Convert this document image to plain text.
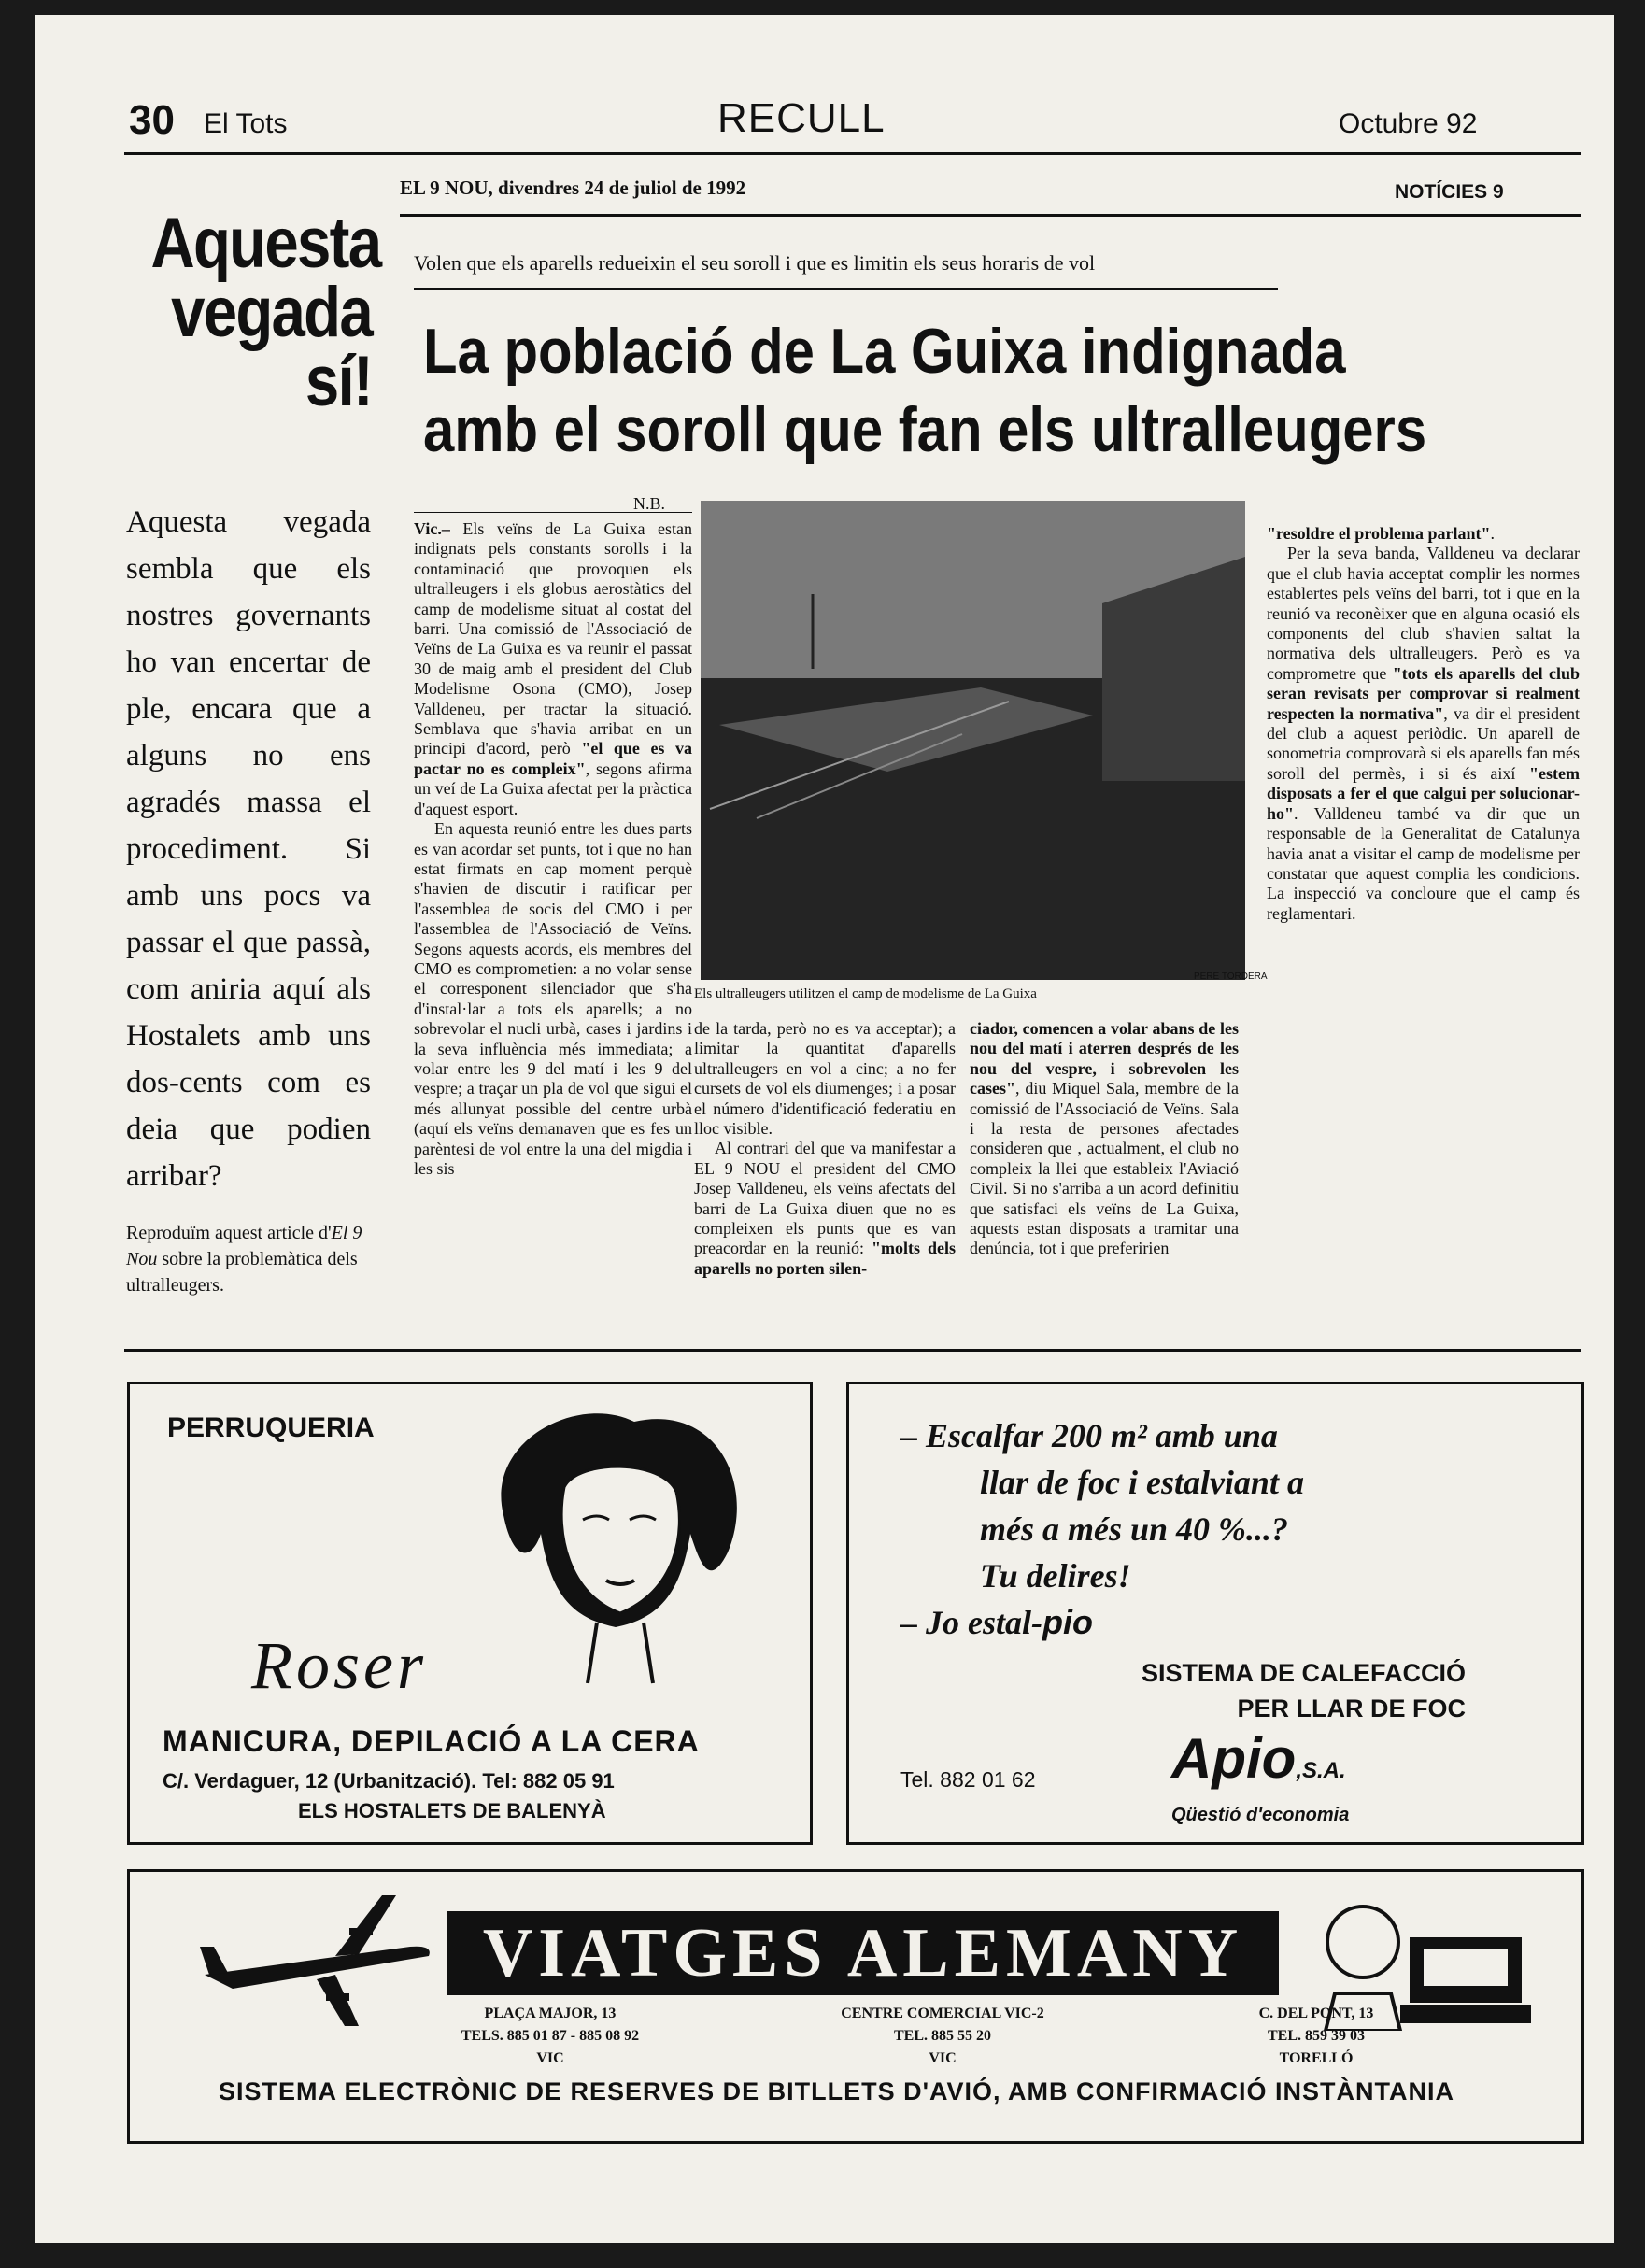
30 El Tots	RECULL	Octubre 92
EL 9 NOU, divendres 24 de juliol de 1992	NOTÍCIES 9
Aquesta
vegada
sí!
Aquesta vegada sembla que els nostres governants ho van encertar de ple, encara que a alguns no ens agradés massa el procediment. Si amb uns pocs va passar el que passà, com aniria aquí als Hostalets amb uns dos-cents com es deia que podien arribar?
Reproduïm aquest article d'El 9 Nou sobre la problemàtica dels ultralleugers.
Volen que els aparells redueixin el seu soroll i que es limitin els seus horaris de vol
La població de La Guixa indignada
amb el soroll que fan els ultralleugers
N.B.

Vic.– Els veïns de La Guixa estan indignats pels constants sorolls i la contaminació que provoquen els ultralleugers i els globus aerostàtics del camp de modelisme situat al costat del barri. Una comissió de l'Associació de Veïns de La Guixa es va reunir el passat 30 de maig amb el president del Club Modelisme Osona (CMO), Josep Valldeneu, per tractar la situació. Semblava que s'havia arribat en un principi d'acord, però "el que es va pactar no es compleix", segons afirma un veí de La Guixa afectat per la pràctica d'aquest esport.

En aquesta reunió entre les dues parts es van acordar set punts, tot i que no han estat firmats en cap moment perquè s'havien de discutir i ratificar per l'assemblea de socis del CMO i per l'assemblea de l'Associació de Veïns. Segons aquests acords, els membres del CMO es comprometien: a no volar sense el corresponent silenciador que s'ha d'instal·lar a tots els aparells; a no sobrevolar el nucli urbà, cases i jardins i la seva influència més immediata; a volar entre les 9 del matí i les 9 del vespre; a traçar un pla de vol que sigui el més allunyat possible del centre urbà (aquí els veïns demanaven que es fes un parèntesi de vol entre la una del migdia i les sis

PERE TORDERA
Els ultralleugers utilitzen el camp de modelisme de La Guixa

de la tarda, però no es va acceptar); a limitar la quantitat d'aparells ultralleugers en vol a cinc; a no fer cursets de vol els diumenges; i a posar el número d'identificació federatiu en lloc visible.

Al contrari del que va manifestar a EL 9 NOU el president del CMO Josep Valldeneu, els veïns afectats del barri de La Guixa diuen que no es compleixen els punts que es van preacordar en la reunió: "molts dels aparells no porten silen-

ciador, comencen a volar abans de les nou del matí i aterren després de les nou del vespre, i sobrevolen les cases", diu Miquel Sala, membre de la comissió de l'Associació de Veïns. Sala i la resta de persones afectades consideren que , actualment, el club no compleix la llei que estableix l'Aviació Civil. Si no s'arriba a un acord definitiu que satisfaci els veïns de La Guixa, aquests estan disposats a tramitar una denúncia, tot i que preferirien

"resoldre el problema parlant".

Per la seva banda, Valldeneu va declarar que el club havia acceptat complir les normes establertes pels veïns del barri, tot i que en la reunió va reconèixer que en alguna ocasió els components del club s'havien saltat la normativa dels ultralleugers. Però es va comprometre que "tots els aparells del club seran revisats per comprovar si realment respecten la normativa", va dir el president del club a aquest periòdic. Un aparell de sonometria comprovarà si els aparells fan més soroll del permès, i si és així "estem disposats a fer el que calgui per solucionar-ho". Valldeneu també va dir que un responsable de la Generalitat de Catalunya havia anat a visitar el camp de modelisme per constatar que aquest complia les condicions. La inspecció va concloure que el camp és reglamentari.

PERRUQUERIA
Roser
MANICURA, DEPILACIÓ A LA CERA
C/. Verdaguer, 12 (Urbanització). Tel: 882 05 91
ELS HOSTALETS DE BALENYÀ
– Escalfar 200 m² amb una
llar de foc i estalviant a
més a més un 40 %...?
Tu delires!
– Jo estal-pio
SISTEMA DE CALEFACCIÓ
PER LLAR DE FOC
Tel. 882 01 62 Apio,S.A.
Qüestió d'economia
VIATGES ALEMANY
PLAÇA MAJOR, 13
TELS. 885 01 87 - 885 08 92
VIC
CENTRE COMERCIAL VIC-2
TEL. 885 55 20
VIC
C. DEL PONT, 13
TEL. 859 39 03
TORELLÓ
SISTEMA ELECTRÒNIC DE RESERVES DE BITLLETS D'AVIÓ, AMB CONFIRMACIÓ INSTÀNTANIA
